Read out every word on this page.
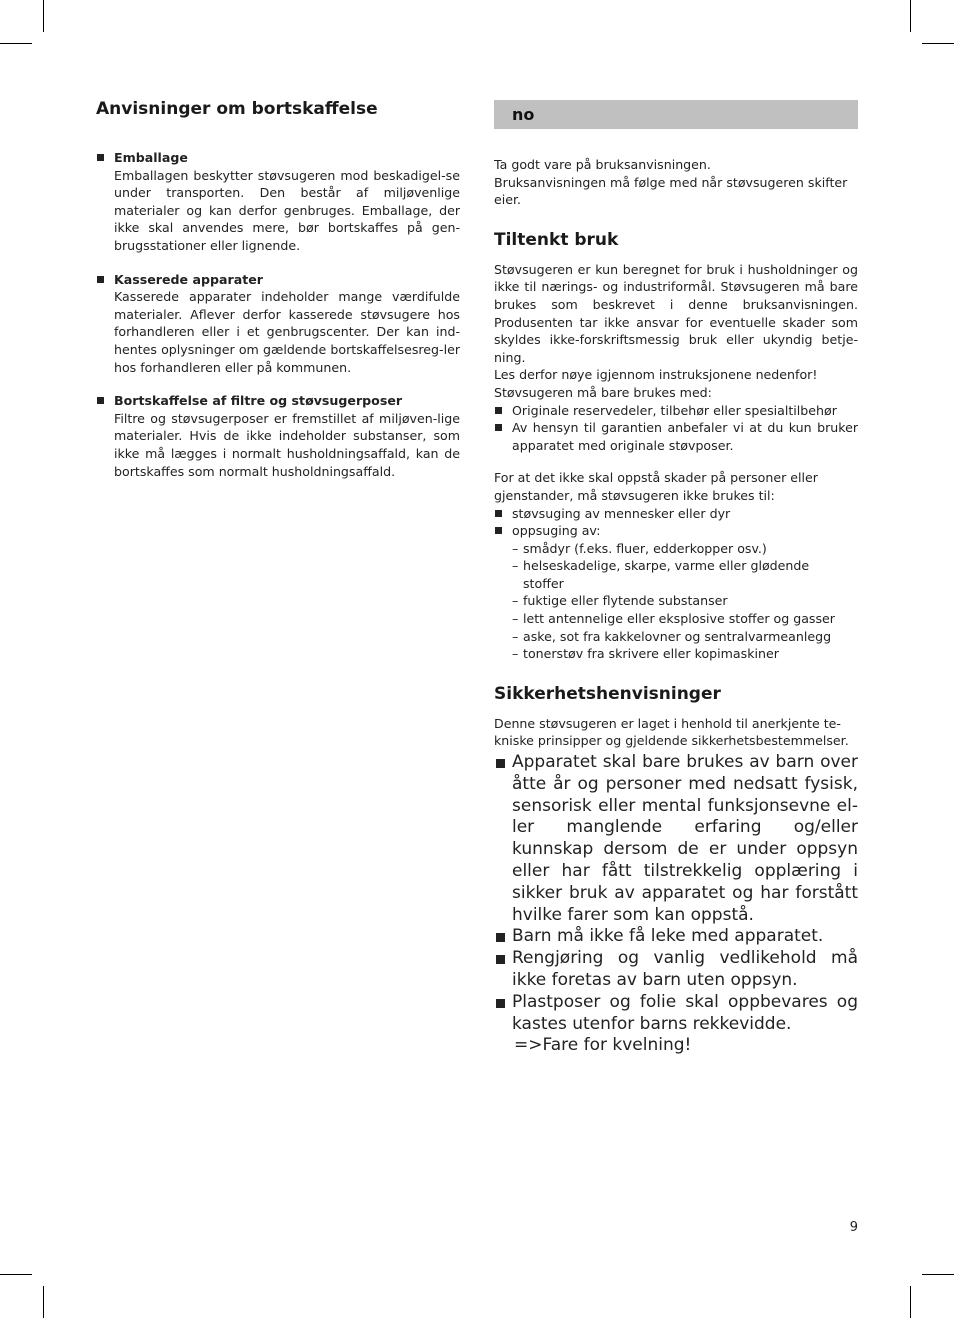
Anvisninger om bortskaffelse
Emballage

Emballagen beskytter støvsugeren mod beskadigel-se under transporten. Den består af miljøvenlige materialer og kan derfor genbruges. Emballage, der ikke skal anvendes mere, bør bortskaffes på gen-brugsstationer eller lignende.

Kasserede apparater

Kasserede apparater indeholder mange værdifulde materialer. Aflever derfor kasserede støvsugere hos forhandleren eller i et genbrugscenter. Der kan ind-hentes oplysninger om gældende bortskaffelsesreg-ler hos forhandleren eller på kommunen.

Bortskaffelse af filtre og støvsugerposer

Filtre og støvsugerposer er fremstillet af miljøven-lige materialer. Hvis de ikke indeholder substanser, som ikke må lægges i normalt husholdningsaffald, kan de bortskaffes som normalt husholdningsaffald.

no

Ta godt vare på bruksanvisningen.

Bruksanvisningen må følge med når støvsugeren skifter eier.

Tiltenkt bruk

Støvsugeren er kun beregnet for bruk i husholdninger og ikke til nærings- og industriformål. Støvsugeren må bare brukes som beskrevet i denne bruksanvisningen. Produsenten tar ikke ansvar for eventuelle skader som skyldes ikke-forskriftsmessig bruk eller ukyndig betje-ning.

Les derfor nøye igjennom instruksjonene nedenfor!

Støvsugeren må bare brukes med:

Originale reservedeler, tilbehør eller spesialtilbehør

Av hensyn til garantien anbefaler vi at du kun bruker apparatet med originale støvposer.

For at det ikke skal oppstå skader på personer eller gjenstander, må støvsugeren ikke brukes til:

støvsuging av mennesker eller dyr

oppsuging av:

– smådyr (f.eks. fluer, edderkopper osv.)
– helseskadelige, skarpe, varme eller glødende stoffer
– fuktige eller flytende substanser
– lett antennelige eller eksplosive stoffer og gasser
– aske, sot fra kakkelovner og sentralvarmeanlegg
– tonerstøv fra skrivere eller kopimaskiner
Sikkerhetshenvisninger

Denne støvsugeren er laget i henhold til anerkjente te-kniske prinsipper og gjeldende sikkerhetsbestemmelser.

Apparatet skal bare brukes av barn over åtte år og personer med nedsatt fysisk, sensorisk eller mental funksjonsevne el-ler manglende erfaring og/eller kunnskap dersom de er under oppsyn eller har fått tilstrekkelig opplæring i sikker bruk av apparatet og har forstått hvilke farer som kan oppstå.

Barn må ikke få leke med apparatet.

Rengjøring og vanlig vedlikehold må ikke foretas av barn uten oppsyn.

Plastposer og folie skal oppbevares og kastes utenfor barns rekkevidde.

=>Fare for kvelning!

9
